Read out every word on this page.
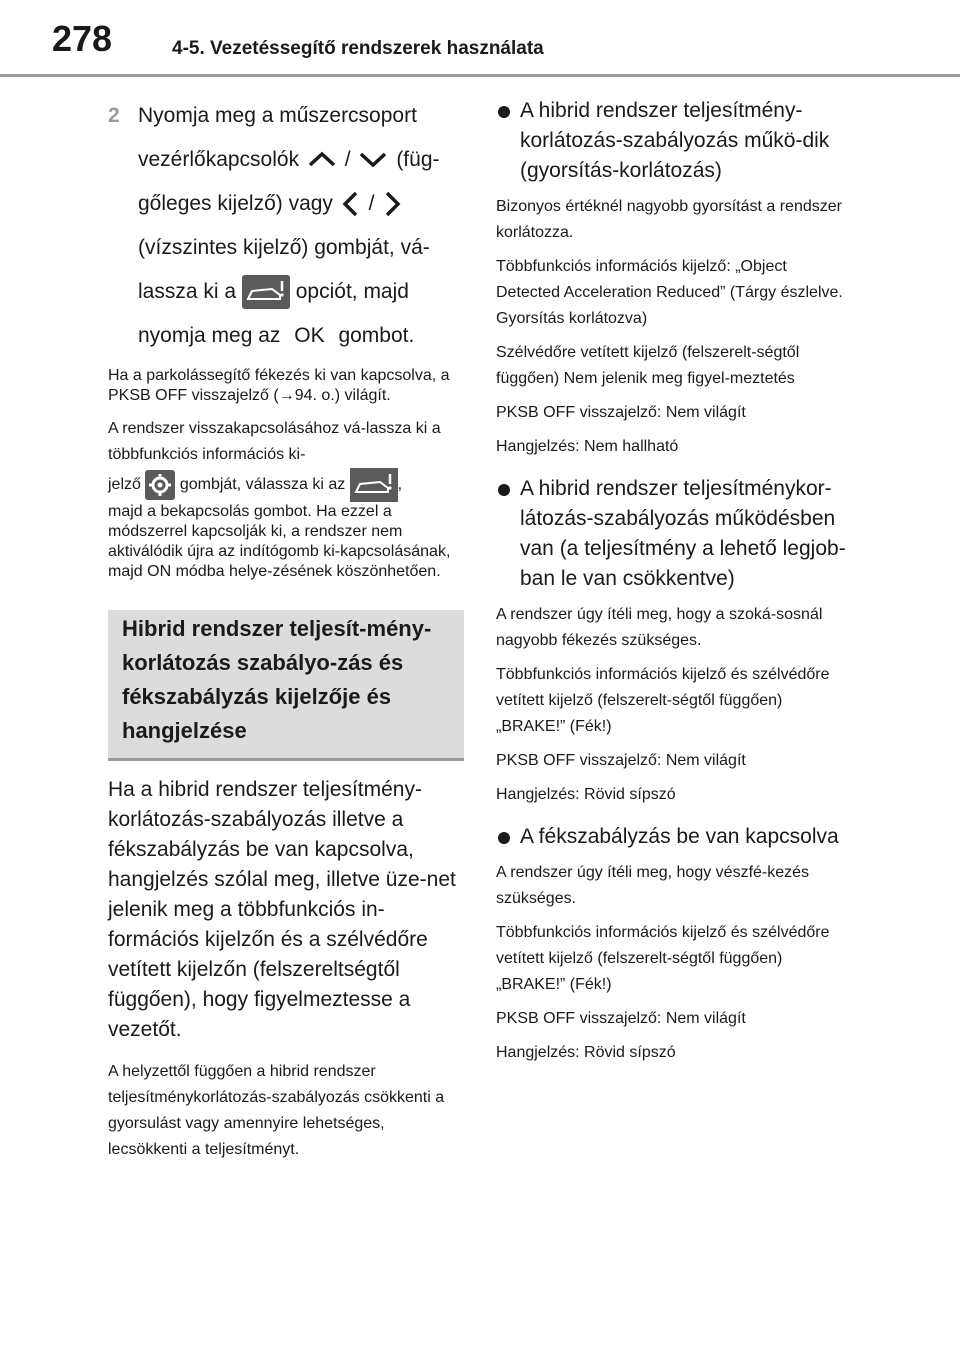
278	4-5. Vezetéssegítő rendszerek használata
2 Nyomja meg a műszercsoport
vezérlőkapcsolók / (füg-
gőleges kijelző) vagy /
(vízszintes kijelző) gombját, vá-
lassza ki a	opciót, majd
nyomja meg az OK gombot.
Ha a parkolássegítő fékezés ki van kapcsolva, a PKSB OFF visszajelző (→94. o.) világít.
A rendszer visszakapcsolásához vá-lassza ki a többfunkciós információs ki-
jelző gombját, válassza ki az	,

majd a bekapcsolás gombot. Ha ezzel a módszerrel kapcsolják ki, a rendszer nem aktiválódik újra az indítógomb ki-kapcsolásának, majd ON módba helye-zésének köszönhetően.
Hibrid rendszer teljesít-mény-korlátozás szabályo-zás és fékszabályzás kijelzője és hangjelzése
Ha a hibrid rendszer teljesítmény-korlátozás-szabályozás illetve a fékszabályzás be van kapcsolva, hangjelzés szólal meg, illetve üze-net jelenik meg a többfunkciós in-formációs kijelzőn és a szélvédőre vetített kijelzőn (felszereltségtől függően), hogy figyelmeztesse a vezetőt.
A helyzettől függően a hibrid rendszer teljesítménykorlátozás-szabályozás csökkenti a gyorsulást vagy amennyire lehetséges, lecsökkenti a teljesítményt.
A hibrid rendszer teljesítmény-korlátozás-szabályozás műkö-dik (gyorsítás-korlátozás)
Bizonyos értéknél nagyobb gyorsítást a rendszer korlátozza.
Többfunkciós információs kijelző: „Object Detected Acceleration Reduced” (Tárgy észlelve. Gyorsítás korlátozva)
Szélvédőre vetített kijelző (felszerelt-ségtől függően) Nem jelenik meg figyel-meztetés
PKSB OFF visszajelző: Nem világít
Hangjelzés: Nem hallható
A hibrid rendszer teljesítménykor-látozás-szabályozás működésben van (a teljesítmény a lehető legjob-ban le van csökkentve)
A rendszer úgy ítéli meg, hogy a szoká-sosnál nagyobb fékezés szükséges.
Többfunkciós információs kijelző és szélvédőre vetített kijelző (felszerelt-ségtől függően) „BRAKE!” (Fék!)
PKSB OFF visszajelző: Nem világít
Hangjelzés: Rövid sípszó
A fékszabályzás be van kapcsolva
A rendszer úgy ítéli meg, hogy vészfé-kezés szükséges.
Többfunkciós információs kijelző és szélvédőre vetített kijelző (felszerelt-ségtől függően) „BRAKE!” (Fék!)
PKSB OFF visszajelző: Nem világít
Hangjelzés: Rövid sípszó
